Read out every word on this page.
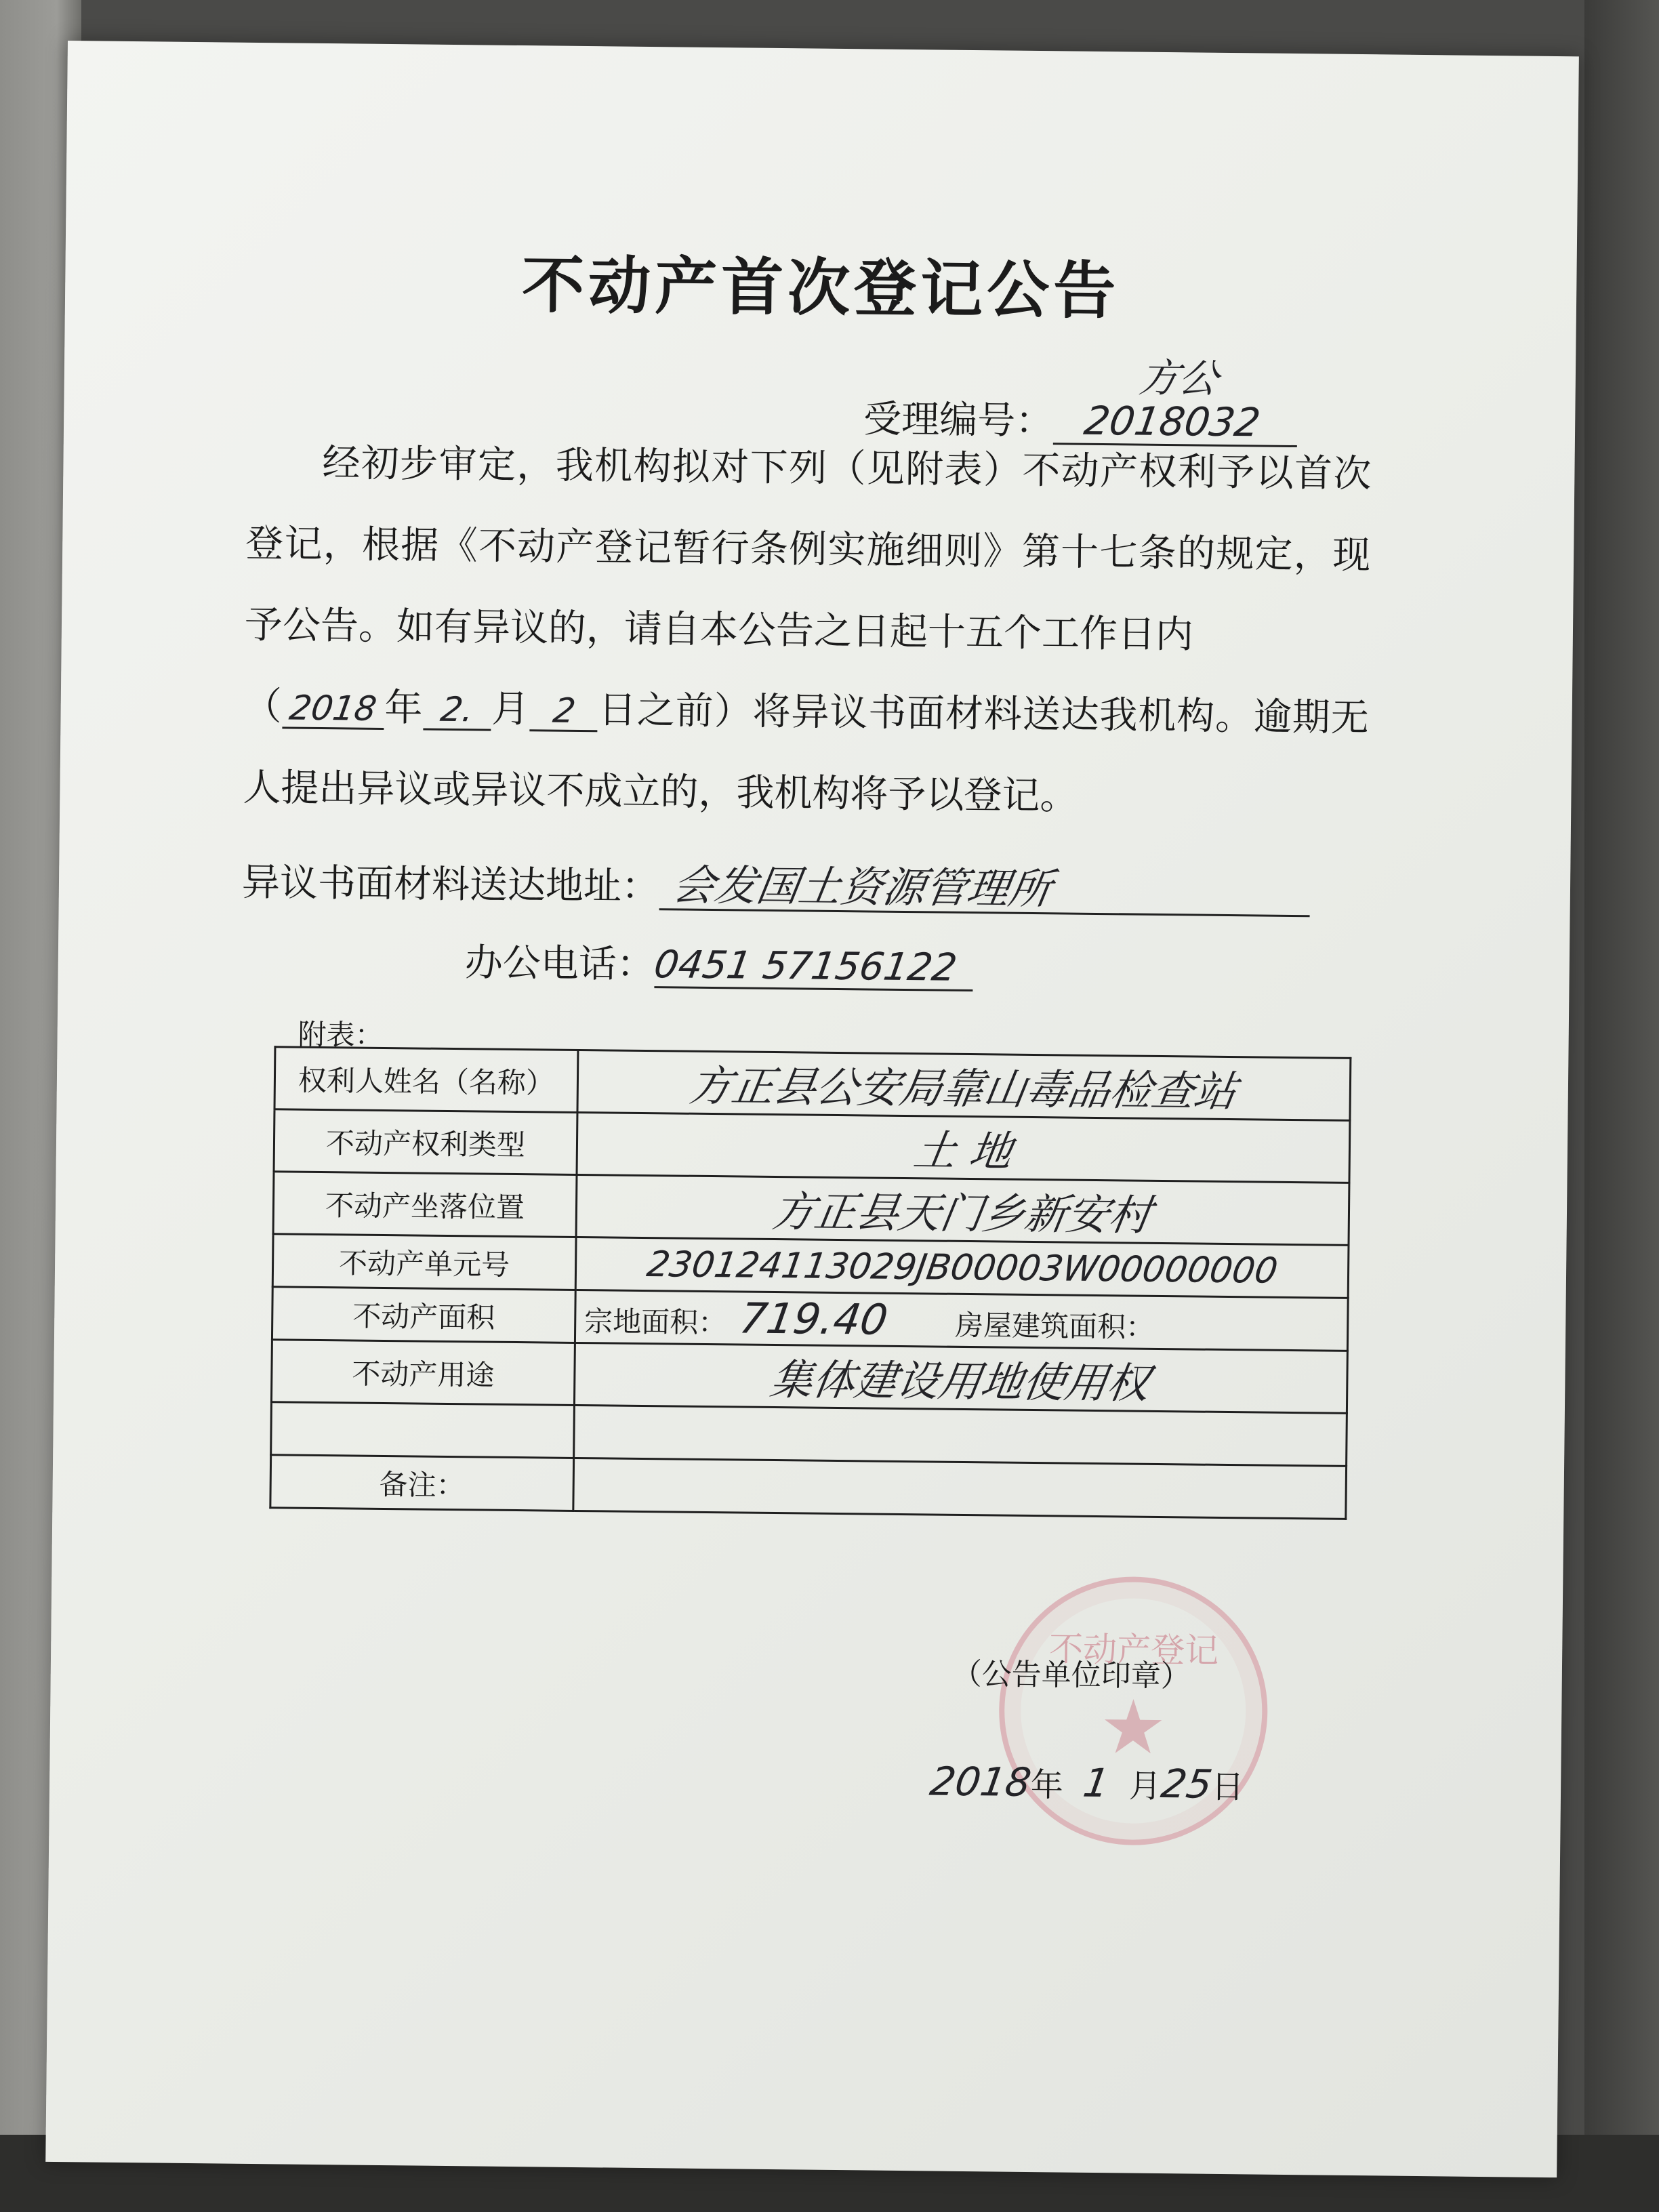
不动产首次登记公告
受理编号：方公2018032

经初步审定，我机构拟对下列（见附表）不动产权利予以首次登记，根据《不动产登记暂行条例实施细则》第十七条的规定，现予公告。如有异议的，请自本公告之日起十五个工作日内

（ 2018 年 2. 月 2 日之前）将异议书面材料送达我机构。逾期无人提出异议或异议不成立的，我机构将予以登记。

异议书面材料送达地址： 会发国土资源管理所
办公电话：0451 57156122
附表：
权利人姓名（名称）	方正县公安局靠山毒品检查站
不动产权利类型	土 地
不动产坐落位置	方正县天门乡新安村
不动产单元号	230124113029JB00003W00000000
不动产面积	宗地面积： 719.40 房屋建筑面积：
不动产用途	集体建设用地使用权

备注：	
不动产登记
★
（公告单位印章）
2018年 1 月25日
